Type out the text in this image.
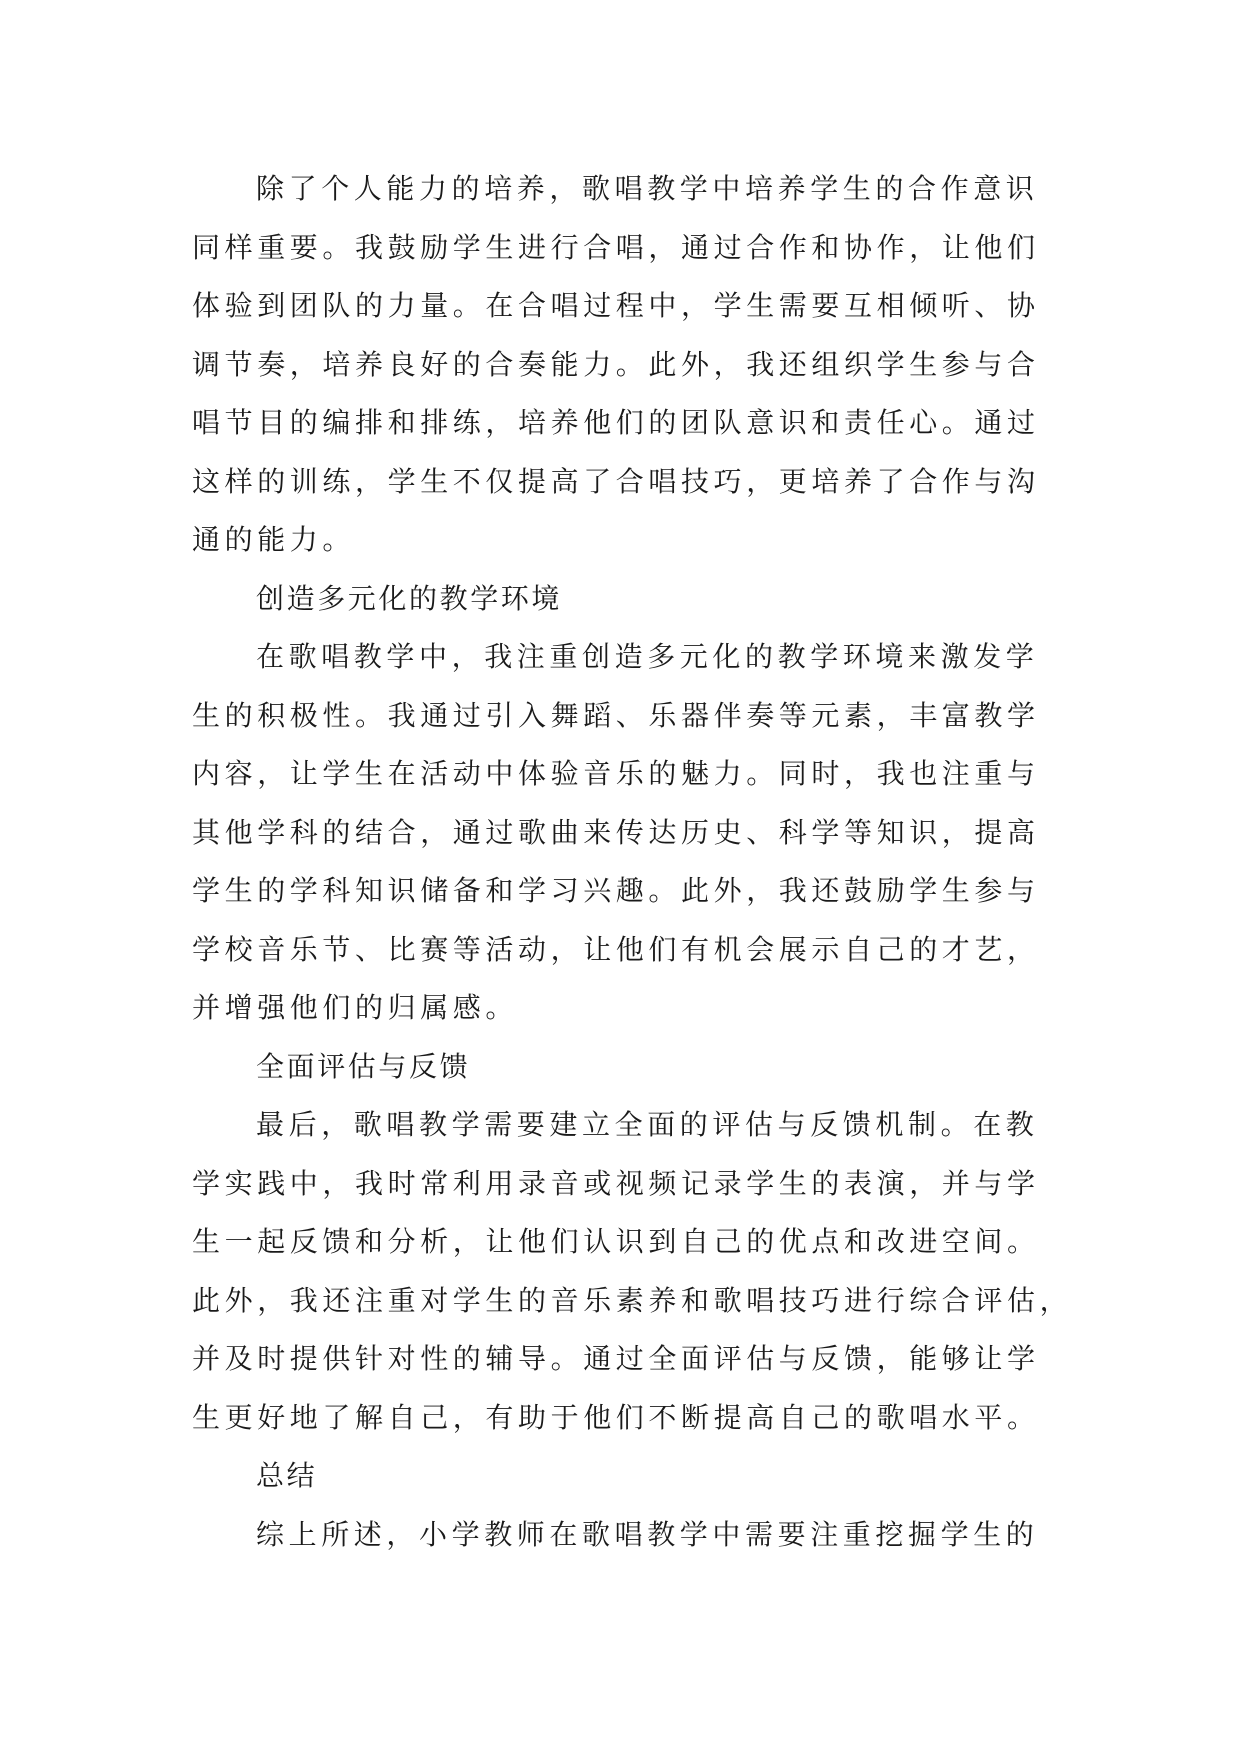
除了个人能力的培养，歌唱教学中培养学生的合作意识
同样重要。我鼓励学生进行合唱，通过合作和协作，让他们
体验到团队的力量。在合唱过程中，学生需要互相倾听、协
调节奏，培养良好的合奏能力。此外，我还组织学生参与合
唱节目的编排和排练，培养他们的团队意识和责任心。通过
这样的训练，学生不仅提高了合唱技巧，更培养了合作与沟
通的能力。
创造多元化的教学环境
在歌唱教学中，我注重创造多元化的教学环境来激发学
生的积极性。我通过引入舞蹈、乐器伴奏等元素，丰富教学
内容，让学生在活动中体验音乐的魅力。同时，我也注重与
其他学科的结合，通过歌曲来传达历史、科学等知识，提高
学生的学科知识储备和学习兴趣。此外，我还鼓励学生参与
学校音乐节、比赛等活动，让他们有机会展示自己的才艺，
并增强他们的归属感。
全面评估与反馈
最后，歌唱教学需要建立全面的评估与反馈机制。在教
学实践中，我时常利用录音或视频记录学生的表演，并与学
生一起反馈和分析，让他们认识到自己的优点和改进空间。
此外，我还注重对学生的音乐素养和歌唱技巧进行综合评估，
并及时提供针对性的辅导。通过全面评估与反馈，能够让学
生更好地了解自己，有助于他们不断提高自己的歌唱水平。
总结
综上所述，小学教师在歌唱教学中需要注重挖掘学生的
